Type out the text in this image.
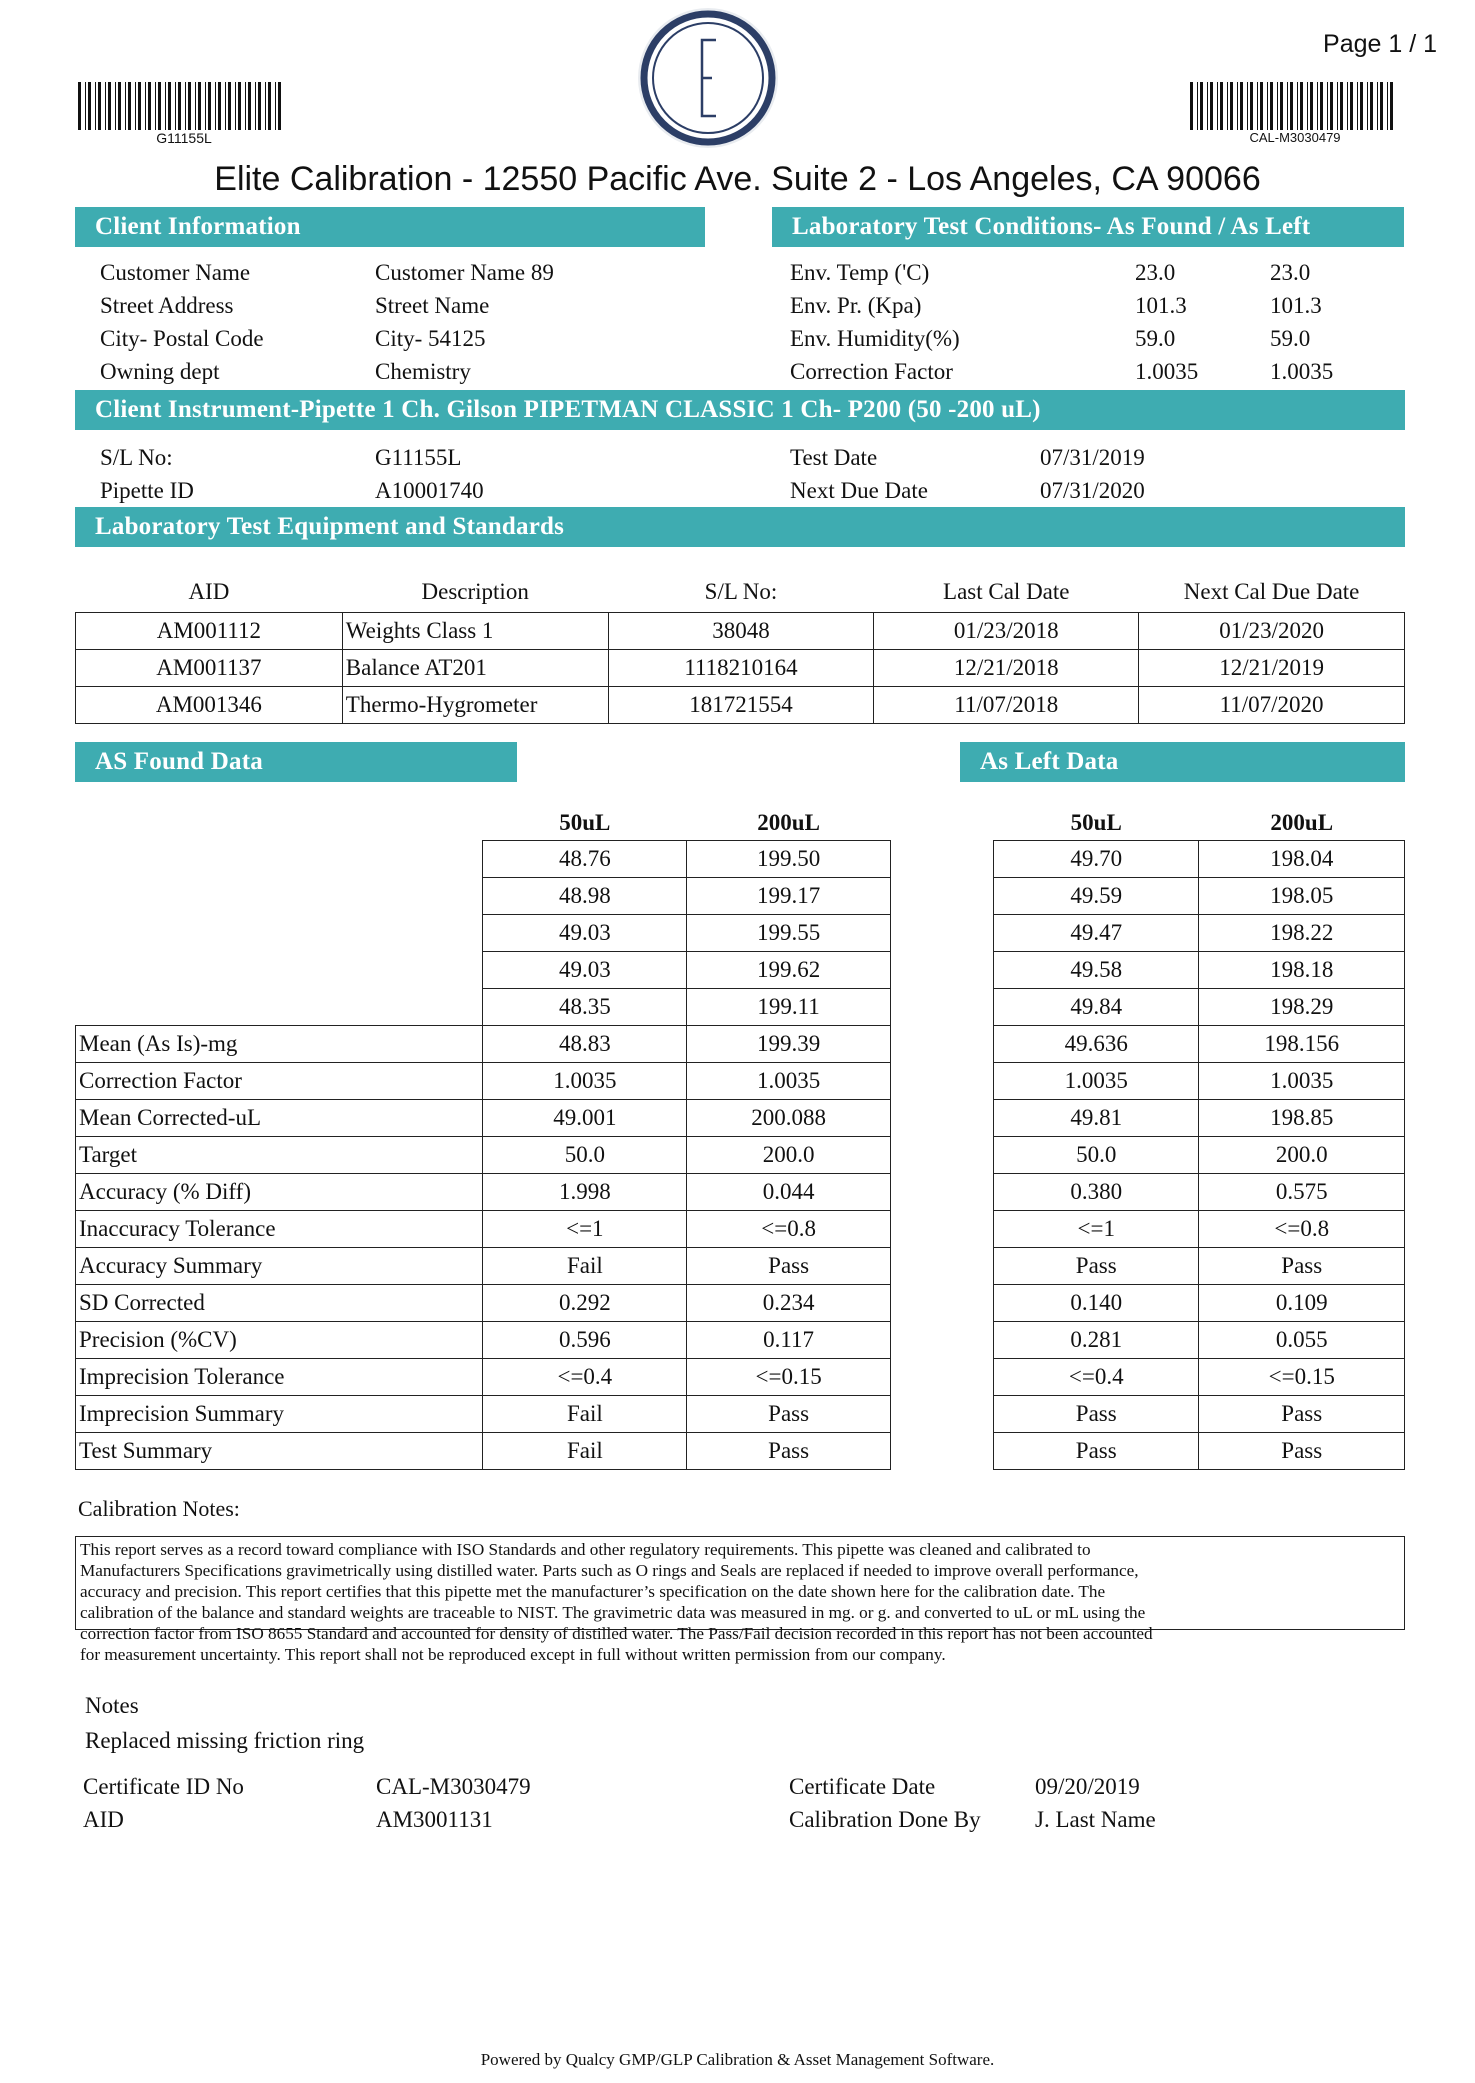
Page 1 / 1
G11155L	CAL-M3030479
Elite Calibration - 12550 Pacific Ave. Suite 2 - Los Angeles, CA 90066
Client Information
Customer Name	Customer Name 89
Street Address	Street Name
City- Postal Code	City- 54125
Owning dept	Chemistry
Laboratory Test Conditions- As Found / As Left
Env. Temp ('C)	23.0	23.0
Env. Pr. (Kpa)	101.3	101.3
Env. Humidity(%)	59.0	59.0
Correction Factor	1.0035	1.0035
Client Instrument-Pipette 1 Ch. Gilson PIPETMAN CLASSIC 1 Ch- P200 (50 -200 uL)
S/L No:	G11155L	Test Date	07/31/2019
Pipette ID	A10001740	Next Due Date	07/31/2020
Laboratory Test Equipment and Standards
AID	Description	S/L No:	Last Cal Date	Next Cal Due Date
AM001112	Weights Class 1	38048	01/23/2018	01/23/2020
AM001137	Balance AT201	1118210164	12/21/2018	12/21/2019
AM001346	Thermo-Hygrometer	181721554	11/07/2018	11/07/2020
AS Found Data	As Left Data
	50uL	200uL
	48.76	199.50
	48.98	199.17
	49.03	199.55
	49.03	199.62
	48.35	199.11
Mean (As Is)-mg	48.83	199.39
Correction Factor	1.0035	1.0035
Mean Corrected-uL	49.001	200.088
Target	50.0	200.0
Accuracy (% Diff)	1.998	0.044
Inaccuracy Tolerance	<=1	<=0.8
Accuracy Summary	Fail	Pass
SD Corrected	0.292	0.234
Precision (%CV)	0.596	0.117
Imprecision Tolerance	<=0.4	<=0.15
Imprecision Summary	Fail	Pass
Test Summary	Fail	Pass
50uL	200uL
49.70	198.04
49.59	198.05
49.47	198.22
49.58	198.18
49.84	198.29
49.636	198.156
1.0035	1.0035
49.81	198.85
50.0	200.0
0.380	0.575
<=1	<=0.8
Pass	Pass
0.140	0.109
0.281	0.055
<=0.4	<=0.15
Pass	Pass
Pass	Pass
Calibration Notes:
This report serves as a record toward compliance with ISO Standards and other regulatory requirements. This pipette was cleaned and calibrated to
Manufacturers Specifications gravimetrically using distilled water. Parts such as O rings and Seals are replaced if needed to improve overall performance,
accuracy and precision. This report certifies that this pipette met the manufacturer’s specification on the date shown here for the calibration date. The
calibration of the balance and standard weights are traceable to NIST. The gravimetric data was measured in mg. or g. and converted to uL or mL using the
correction factor from ISO 8655 Standard and accounted for density of distilled water. The Pass/Fail decision recorded in this report has not been accounted
for measurement uncertainty. This report shall not be reproduced except in full without written permission from our company.
Notes
Replaced missing friction ring
Certificate ID No	CAL-M3030479	Certificate Date	09/20/2019
AID	AM3001131	Calibration Done By J. Last Name
Powered by Qualcy GMP/GLP Calibration & Asset Management Software.
